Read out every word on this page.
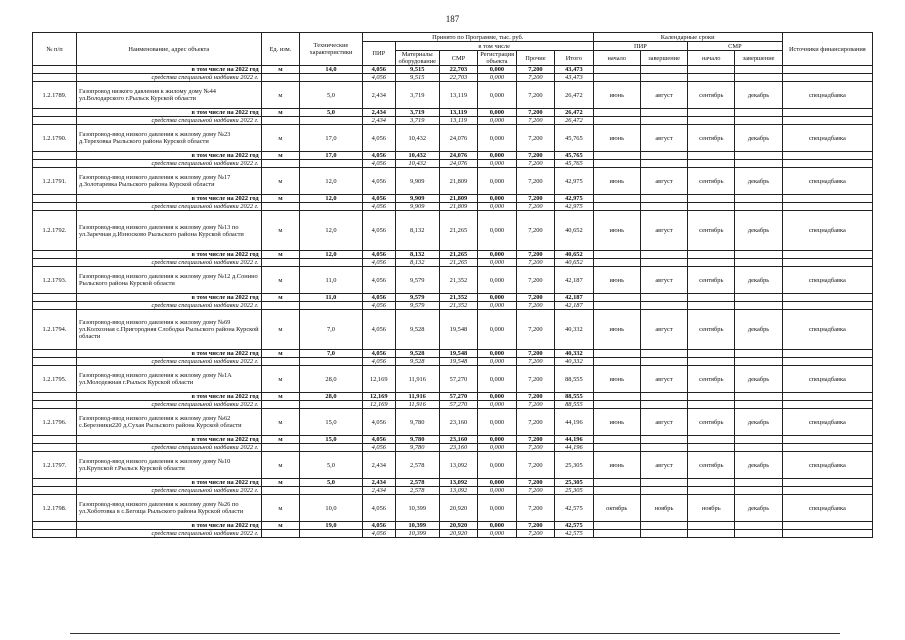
187
№ п/п	Наименование, адрес объекта	Ед. изм.	Технические характеристики	Принято по Программе, тыс. руб.						Календарные сроки				Источники финансирования
				ПИР	в том числе					ПИР		СМР		
					Материалы оборудование	СМР	Регистрация объекта	Прочие	Итого	начало	завершение	начало	завершение	
	в том числе на 2022 год	м	14,0	4,056	9,515	22,703	0,000	7,200	43,473					
	средства специальной надбавки 2022 г.			4,056	9,515	22,703	0,000	7,200	43,473					
1.2.1789.	Газопровод низкого давления к жилому дому №44 ул.Володарского г.Рыльск Курской области	м	5,0	2,434	3,719	13,119	0,000	7,200	26,472	июнь	август	сентябрь	декабрь	спецнадбавка
	в том числе на 2022 год	м	5,0	2,434	3,719	13,119	0,000	7,200	26,472					
	средства специальной надбавки 2022 г.			2,434	3,719	13,119	0,000	7,200	26,472					
1.2.1790.	Газопровод-ввод низкого давления к жилому дому №23 д.Тереховка Рыльского района Курской области	м	17,0	4,056	10,432	24,076	0,000	7,200	45,765	июнь	август	сентябрь	декабрь	спецнадбавка
	в том числе на 2022 год	м	17,0	4,056	10,432	24,076	0,000	7,200	45,765					
	средства специальной надбавки 2022 г.			4,056	10,432	24,076	0,000	7,200	45,765					
1.2.1791.	Газопровод-ввод низкого давления к жилому дому №17 д.Золотаревка Рыльского района Курской области	м	12,0	4,056	9,909	21,809	0,000	7,200	42,975	июнь	август	сентябрь	декабрь	спецнадбавка
	в том числе на 2022 год	м	12,0	4,056	9,909	21,809	0,000	7,200	42,975					
	средства специальной надбавки 2022 г.			4,056	9,909	21,809	0,000	7,200	42,975					
1.2.1792.	Газопровод-ввод низкого давления к жилому дому №13 по ул.Заречная д.Износково Рыльского района Курской области	м	12,0	4,056	8,132	21,265	0,000	7,200	40,652	июнь	август	сентябрь	декабрь	спецнадбавка
	в том числе на 2022 год	м	12,0	4,056	8,132	21,265	0,000	7,200	40,652					
	средства специальной надбавки 2022 г.			4,056	8,132	21,265	0,000	7,200	40,652					
1.2.1793.	Газопровод-ввод низкого давления к жилому дому №12 д.Сонино Рыльского района Курской области	м	11,0	4,056	9,579	21,352	0,000	7,200	42,187	июнь	август	сентябрь	декабрь	спецнадбавка
	в том числе на 2022 год	м	11,0	4,056	9,579	21,352	0,000	7,200	42,187					
	средства специальной надбавки 2022 г.			4,056	9,579	21,352	0,000	7,200	42,187					
1.2.1794.	Газопровод-ввод низкого давления к жилому дому №69 ул.Колхозная с.Пригородняя Слободка Рыльского района Курской области	м	7,0	4,056	9,528	19,548	0,000	7,200	40,332	июнь	август	сентябрь	декабрь	спецнадбавка
	в том числе на 2022 год	м	7,0	4,056	9,528	19,548	0,000	7,200	40,332					
	средства специальной надбавки 2022 г.			4,056	9,528	19,548	0,000	7,200	40,332					
1.2.1795.	Газопровод-ввод низкого давления к жилому дому №1А ул.Молодежная г.Рыльск Курской области	м	28,0	12,169	11,916	57,270	0,000	7,200	88,555	июнь	август	сентябрь	декабрь	спецнадбавка
	в том числе на 2022 год	м	28,0	12,169	11,916	57,270	0,000	7,200	88,555					
	средства специальной надбавки 2022 г.			12,169	11,916	57,270	0,000	7,200	88,555					
1.2.1796.	Газопровод-ввод низкого давления к жилому дому №62 с.Березники220 д.Сухая Рыльского района Курской области	м	15,0	4,056	9,780	23,160	0,000	7,200	44,196	июнь	август	сентябрь	декабрь	спецнадбавка
	в том числе на 2022 год	м	15,0	4,056	9,780	23,160	0,000	7,200	44,196					
	средства специальной надбавки 2022 г.			4,056	9,780	23,160	0,000	7,200	44,196					
1.2.1797.	Газопровод-ввод низкого давления к жилому дому №10 ул.Крупской г.Рыльск Курской области	м	5,0	2,434	2,578	13,092	0,000	7,200	25,305	июнь	август	сентябрь	декабрь	спецнадбавка
	в том числе на 2022 год	м	5,0	2,434	2,578	13,092	0,000	7,200	25,305					
	средства специальной надбавки 2022 г.			2,434	2,578	13,092	0,000	7,200	25,305					
1.2.1798.	Газопровод-ввод низкого давления к жилому дому №26 по ул.Хоботовка в с.Бегоща Рыльского района Курской области	м	10,0	4,056	10,399	20,920	0,000	7,200	42,575	октябрь	ноябрь	ноябрь	декабрь	спецнадбавка
	в том числе на 2022 год	м	19,0	4,056	10,399	20,920	0,000	7,200	42,575					
	средства специальной надбавки 2022 г.			4,056	10,399	20,920	0,000	7,200	42,575					
